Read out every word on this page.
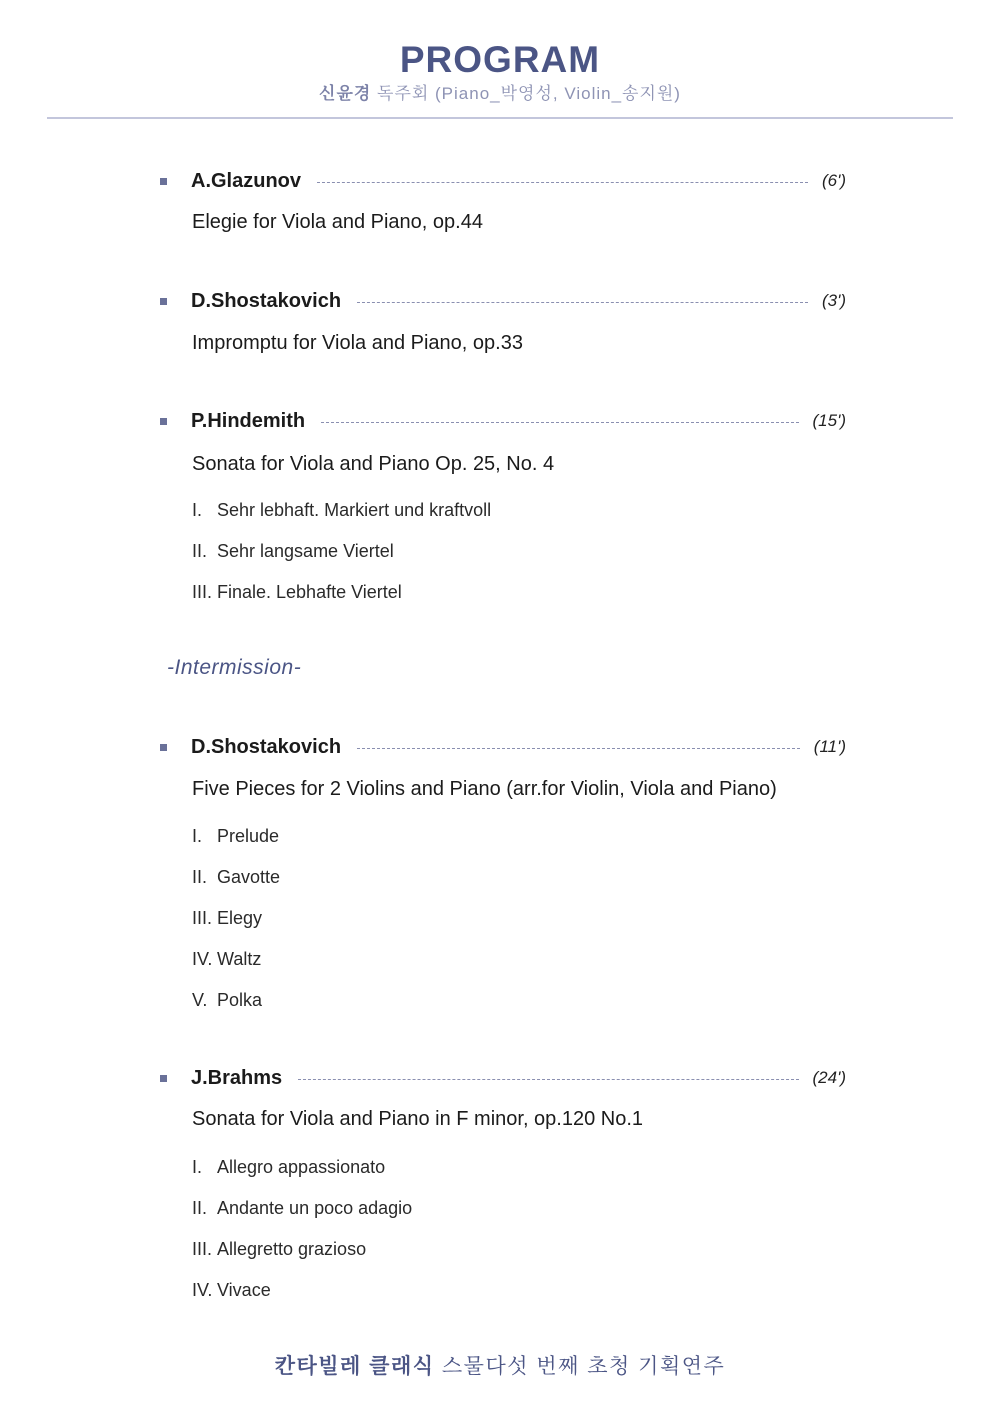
PROGRAM
신윤경 독주회 (Piano_박영성, Violin_송지원)
A.Glazunov	(6')
Elegie for Viola and Piano, op.44
D.Shostakovich	(3')
Impromptu for Viola and Piano, op.33
P.Hindemith	(15')
Sonata for Viola and Piano Op. 25, No. 4
I. Sehr lebhaft. Markiert und kraftvoll
II. Sehr langsame Viertel
III. Finale. Lebhafte Viertel
-Intermission-
D.Shostakovich	(11')
Five Pieces for 2 Violins and Piano (arr.for Violin, Viola and Piano)
I. Prelude
II. Gavotte
III. Elegy
IV. Waltz
V. Polka
J.Brahms	(24')
Sonata for Viola and Piano in F minor, op.120 No.1
I. Allegro appassionato
II. Andante un poco adagio
III. Allegretto grazioso
IV. Vivace
칸타빌레 클래식 스물다섯 번째 초청 기획연주
